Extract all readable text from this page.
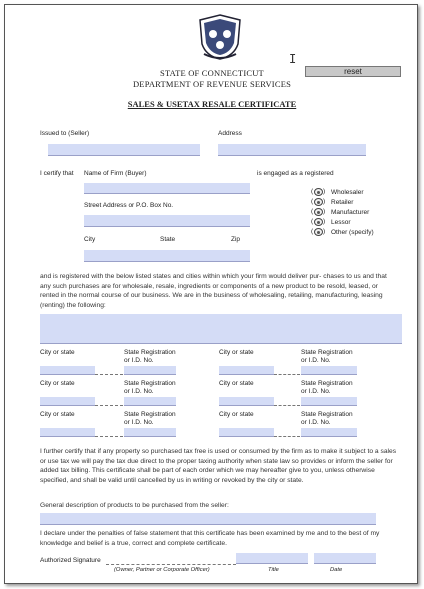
I
STATE OF CONNECTICUT
DEPARTMENT OF REVENUE SERVICES
reset
SALES & USETAX RESALE CERTIFICATE
Issued to (Seller)	Address
I certify that Name of Firm (Buyer)	is engaged as a registered
Street Address or P.O. Box No.
City	State	Zip
( ) Wholesaler
( ) Retailer
( ) Manufacturer
( ) Lessor
( ) Other (specify)
and is registered with the below listed states and cities within which your firm would deliver pur- chases to us and that any such purchases are for wholesale, resale, ingredients or components of a new product to be resold, leased, or rented in the normal course of our business. We are in the business of wholesaling, retailing, manufacturing, leasing (renting) the following:
City or state	State Registration
or I.D. No.
City or state	State Registration
or I.D. No.
City or state	State Registration
or I.D. No.
City or state	State Registration
or I.D. No.
City or state	State Registration
or I.D. No.
City or state	State Registration
or I.D. No.
I further certify that if any property so purchased tax free is used or consumed by the firm as to make it subject to a sales or use tax we will pay the tax due direct to the proper taxing authority when state law so provides or inform the seller for added tax billing. This certificate shall be part of each order which we may hereafter give to you, unless otherwise specified, and shall be valid until cancelled by us in writing or revoked by the city or state.
General description of products to be purchased from the seller:
I declare under the penalties of false statement that this certificate has been examined by me and to the best of my knowledge and belief is a true, correct and complete certificate.
Authorized Signature
(Owner, Partner or Corporate Officer)	Title	Date
